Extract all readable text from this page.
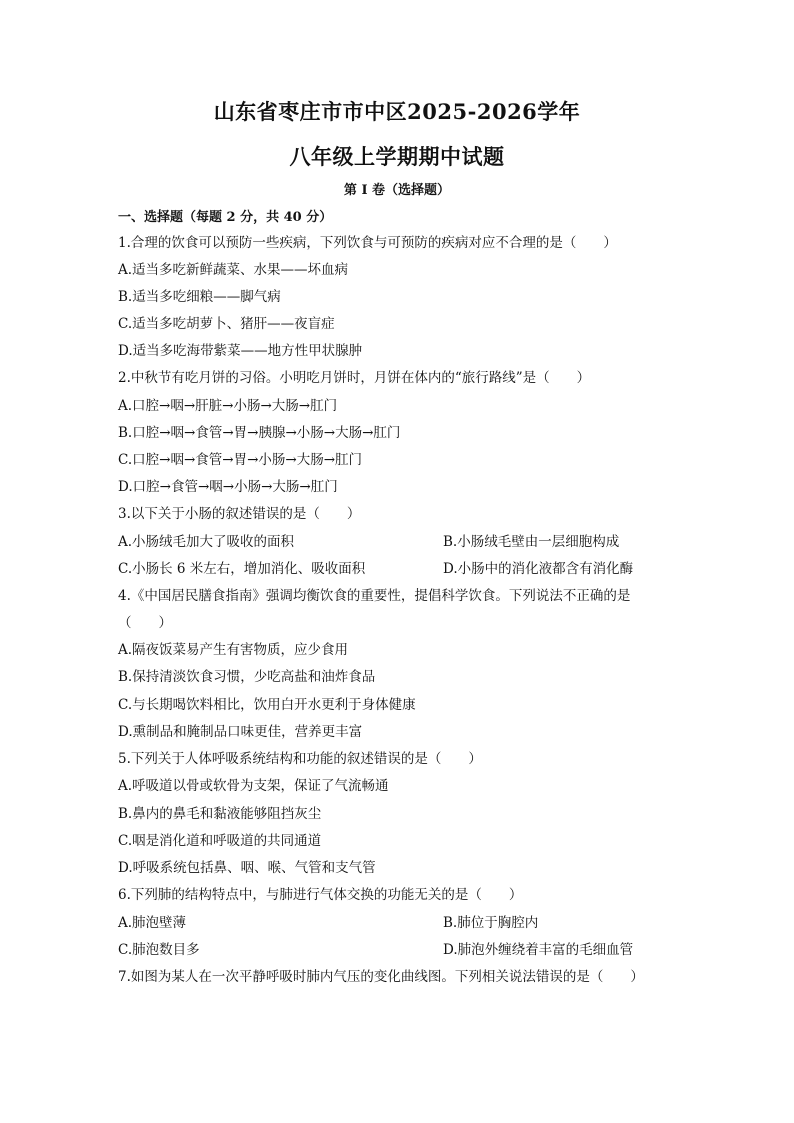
山东省枣庄市市中区2025-2026学年
八年级上学期期中试题
第 I 卷（选择题）
一、选择题（每题 2 分，共 40 分）
1.合理的饮食可以预防一些疾病，下列饮食与可预防的疾病对应不合理的是（　　）
A.适当多吃新鲜蔬菜、水果——坏血病
B.适当多吃细粮——脚气病
C.适当多吃胡萝卜、猪肝——夜盲症
D.适当多吃海带紫菜——地方性甲状腺肿
2.中秋节有吃月饼的习俗。小明吃月饼时，月饼在体内的“旅行路线”是（　　）
A.口腔→咽→肝脏→小肠→大肠→肛门
B.口腔→咽→食管→胃→胰腺→小肠→大肠→肛门
C.口腔→咽→食管→胃→小肠→大肠→肛门
D.口腔→食管→咽→小肠→大肠→肛门
3.以下关于小肠的叙述错误的是（　　）
A.小肠绒毛加大了吸收的面积	B.小肠绒毛壁由一层细胞构成
C.小肠长 6 米左右，增加消化、吸收面积	D.小肠中的消化液都含有消化酶
4.《中国居民膳食指南》强调均衡饮食的重要性，提倡科学饮食。下列说法不正确的是
（　　）
A.隔夜饭菜易产生有害物质，应少食用
B.保持清淡饮食习惯，少吃高盐和油炸食品
C.与长期喝饮料相比，饮用白开水更利于身体健康
D.熏制品和腌制品口味更佳，营养更丰富
5.下列关于人体呼吸系统结构和功能的叙述错误的是（　　）
A.呼吸道以骨或软骨为支架，保证了气流畅通
B.鼻内的鼻毛和黏液能够阻挡灰尘
C.咽是消化道和呼吸道的共同通道
D.呼吸系统包括鼻、咽、喉、气管和支气管
6.下列肺的结构特点中，与肺进行气体交换的功能无关的是（　　）
A.肺泡壁薄	B.肺位于胸腔内
C.肺泡数目多	D.肺泡外缠绕着丰富的毛细血管
7.如图为某人在一次平静呼吸时肺内气压的变化曲线图。下列相关说法错误的是（　　）
